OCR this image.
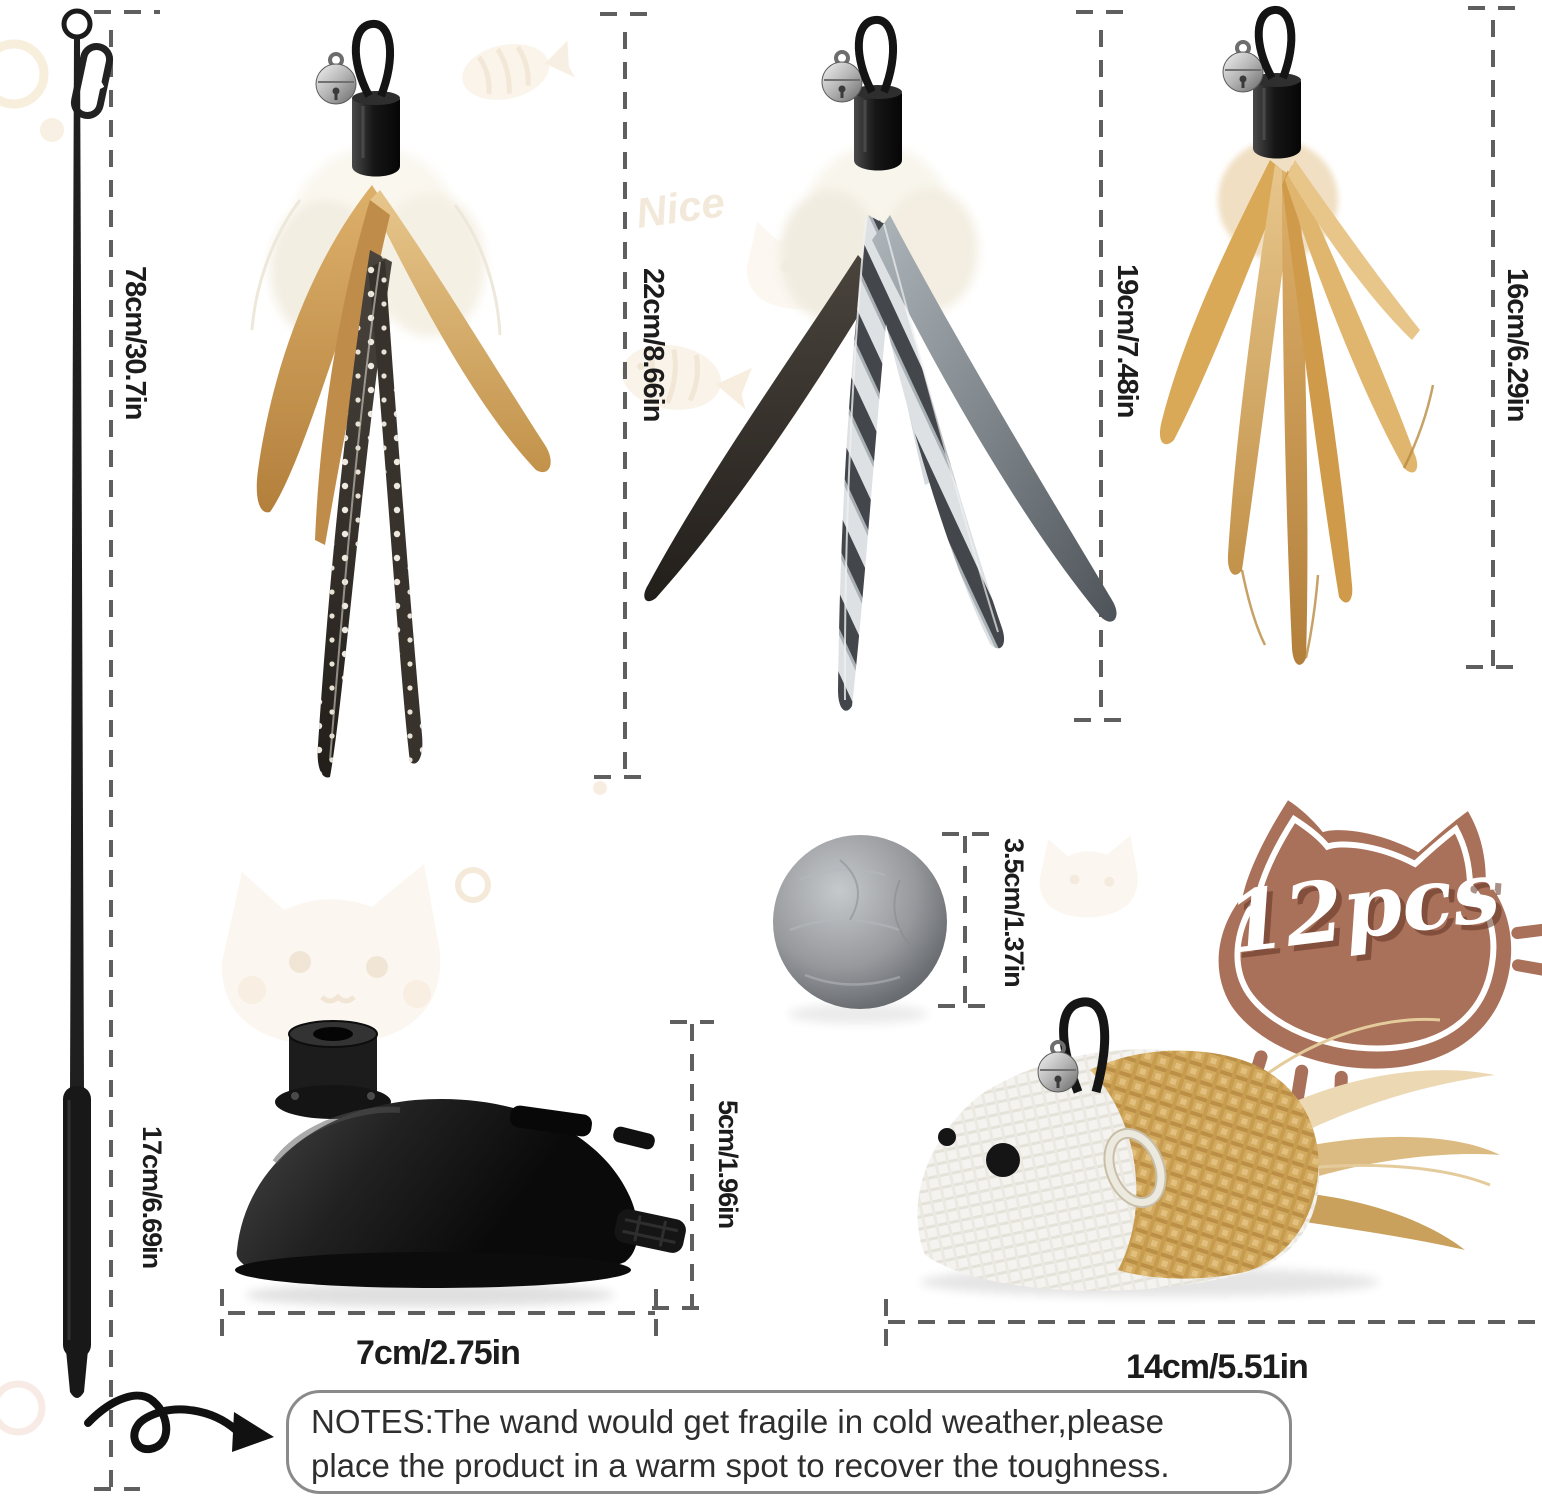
78cm/30.7in	22cm/8.66in	19cm/7.48in	16cm/6.29in
3.5cm/1.37in
17cm/6.69in	5cm/1.96in
7cm/2.75in	14cm/5.51in
Nice
12pcs
NOTES:The wand would get fragile in cold weather,please
place the product in a warm spot to recover the toughness.
